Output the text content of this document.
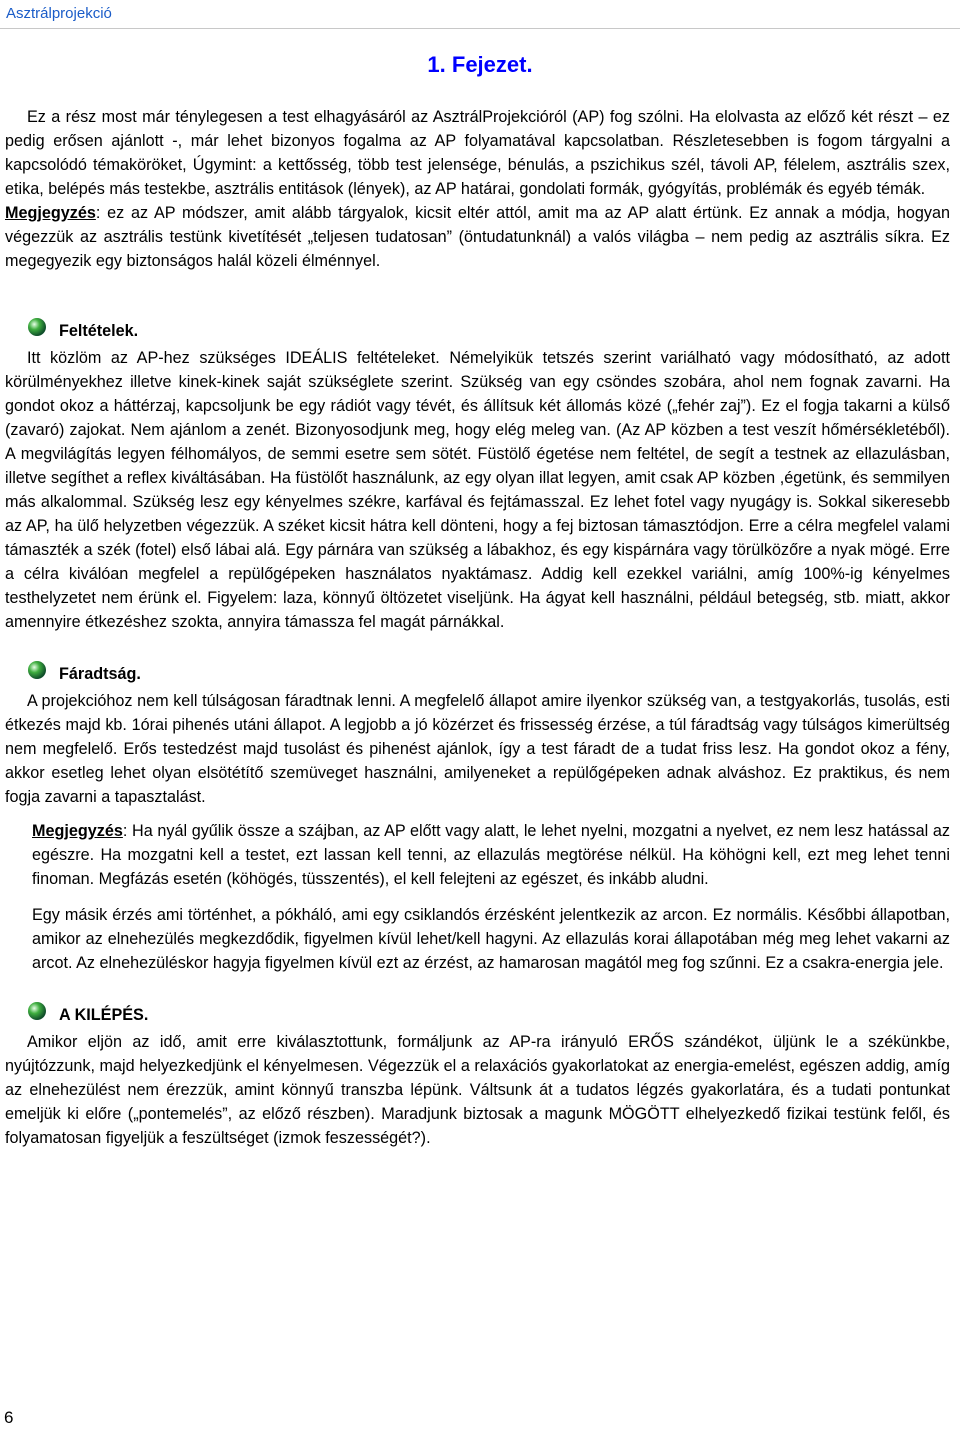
Asztrálprojekció
1. Fejezet.

Ez a rész most már ténylegesen a test elhagyásáról az AsztrálProjekcióról (AP) fog szólni. Ha elolvasta az előző két részt – ez pedig erősen ajánlott -, már lehet bizonyos fogalma az AP folyamatával kapcsolatban. Részletesebben is fogom tárgyalni a kapcsolódó témaköröket, Úgymint: a kettősség, több test jelensége, bénulás, a pszichikus szél, távoli AP, félelem, asztrális szex, etika, belépés más testekbe, asztrális entitások (lények), az AP határai, gondolati formák, gyógyítás, problémák és egyéb témák.

Megjegyzés: ez az AP módszer, amit alább tárgyalok, kicsit eltér attól, amit ma az AP alatt értünk. Ez annak a módja, hogyan végezzük az asztrális testünk kivetítését „teljesen tudatosan” (öntudatunknál) a valós világba – nem pedig az asztrális síkra. Ez megegyezik egy biztonságos halál közeli élménnyel.

Feltételek.

Itt közlöm az AP-hez szükséges IDEÁLIS feltételeket. Némelyikük tetszés szerint variálható vagy módosítható, az adott körülményekhez illetve kinek-kinek saját szükséglete szerint. Szükség van egy csöndes szobára, ahol nem fognak zavarni. Ha gondot okoz a háttérzaj, kapcsoljunk be egy rádiót vagy tévét, és állítsuk két állomás közé („fehér zaj”). Ez el fogja takarni a külső (zavaró) zajokat. Nem ajánlom a zenét. Bizonyosodjunk meg, hogy elég meleg van. (Az AP közben a test veszít hőmérsékletéből). A megvilágítás legyen félhomályos, de semmi esetre sem sötét. Füstölő égetése nem feltétel, de segít a testnek az ellazulásban, illetve segíthet a reflex kiváltásában. Ha füstölőt használunk, az egy olyan illat legyen, amit csak AP közben ,égetünk, és semmilyen más alkalommal. Szükség lesz egy kényelmes székre, karfával és fejtámasszal. Ez lehet fotel vagy nyugágy is. Sokkal sikeresebb az AP, ha ülő helyzetben végezzük. A széket kicsit hátra kell dönteni, hogy a fej biztosan támasztódjon. Erre a célra megfelel valami támaszték a szék (fotel) első lábai alá. Egy párnára van szükség a lábakhoz, és egy kispárnára vagy törülközőre a nyak mögé. Erre a célra kiválóan megfelel a repülőgépeken használatos nyaktámasz. Addig kell ezekkel variálni, amíg 100%-ig kényelmes testhelyzetet nem érünk el. Figyelem: laza, könnyű öltözetet viseljünk. Ha ágyat kell használni, például betegség, stb. miatt, akkor amennyire étkezéshez szokta, annyira támassza fel magát párnákkal.

Fáradtság.

A projekcióhoz nem kell túlságosan fáradtnak lenni. A megfelelő állapot amire ilyenkor szükség van, a testgyakorlás, tusolás, esti étkezés majd kb. 1órai pihenés utáni állapot. A legjobb a jó közérzet és frissesség érzése, a túl fáradtság vagy túlságos kimerültség nem megfelelő. Erős testedzést majd tusolást és pihenést ajánlok, így a test fáradt de a tudat friss lesz. Ha gondot okoz a fény, akkor esetleg lehet olyan elsötétítő szemüveget használni, amilyeneket a repülőgépeken adnak alváshoz. Ez praktikus, és nem fogja zavarni a tapasztalást.

Megjegyzés: Ha nyál gyűlik össze a szájban, az AP előtt vagy alatt, le lehet nyelni, mozgatni a nyelvet, ez nem lesz hatással az egészre. Ha mozgatni kell a testet, ezt lassan kell tenni, az ellazulás megtörése nélkül. Ha köhögni kell, ezt meg lehet tenni finoman. Megfázás esetén (köhögés, tüsszentés), el kell felejteni az egészet, és inkább aludni.

Egy másik érzés ami történhet, a pókháló, ami egy csiklandós érzésként jelentkezik az arcon. Ez normális. Későbbi állapotban, amikor az elnehezülés megkezdődik, figyelmen kívül lehet/kell hagyni. Az ellazulás korai állapotában még meg lehet vakarni az arcot. Az elnehezüléskor hagyja figyelmen kívül ezt az érzést, az hamarosan magától meg fog szűnni. Ez a csakra-energia jele.

A KILÉPÉS.

Amikor eljön az idő, amit erre kiválasztottunk, formáljunk az AP-ra irányuló ERŐS szándékot, üljünk le a székünkbe, nyújtózzunk, majd helyezkedjünk el kényelmesen. Végezzük el a relaxációs gyakorlatokat az energia-emelést, egészen addig, amíg az elnehezülést nem érezzük, amint könnyű transzba lépünk. Váltsunk át a tudatos légzés gyakorlatára, és a tudati pontunkat emeljük ki előre („pontemelés”, az előző részben). Maradjunk biztosak a magunk MÖGÖTT elhelyezkedő fizikai testünk felől, és folyamatosan figyeljük a feszültséget (izmok feszességét?).

6
